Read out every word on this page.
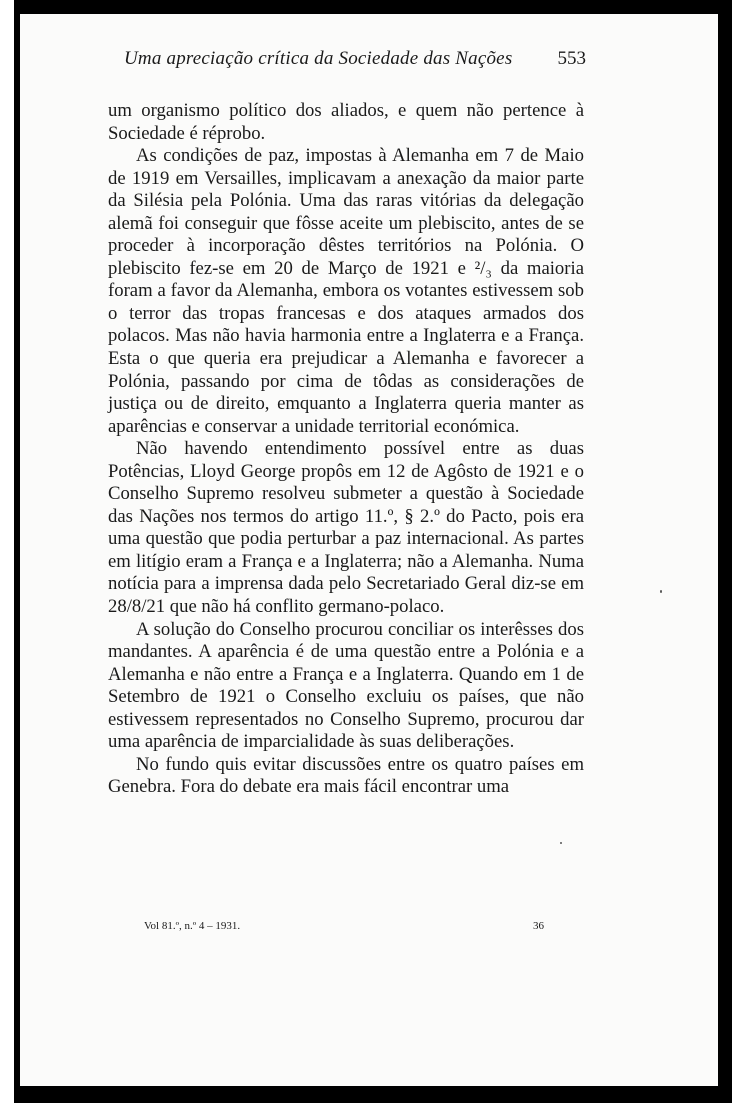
Uma apreciação crítica da Sociedade das Nações 553

um organismo político dos aliados, e quem não pertence à Sociedade é réprobo.

As condições de paz, impostas à Alemanha em 7 de Maio de 1919 em Versailles, implicavam a anexação da maior parte da Silésia pela Polónia. Uma das raras vitórias da delegação alemã foi conseguir que fôsse aceite um plebiscito, antes de se proceder à incorporação dêstes territórios na Polónia. O plebiscito fez-se em 20 de Março de 1921 e ²/₃ da maioria foram a favor da Alemanha, embora os votantes estivessem sob o terror das tropas francesas e dos ataques armados dos polacos. Mas não havia harmonia entre a Inglaterra e a França. Esta o que queria era prejudicar a Alemanha e favorecer a Polónia, passando por cima de tôdas as considerações de justiça ou de direito, emquanto a Inglaterra queria manter as aparências e conservar a unidade territorial económica.

Não havendo entendimento possível entre as duas Potências, Lloyd George propôs em 12 de Agôsto de 1921 e o Conselho Supremo resolveu submeter a questão à Sociedade das Nações nos termos do artigo 11.º, § 2.º do Pacto, pois era uma questão que podia perturbar a paz internacional. As partes em litígio eram a França e a Inglaterra; não a Alemanha. Numa notícia para a imprensa dada pelo Secretariado Geral diz-se em 28/8/21 que não há conflito germano-polaco.

A solução do Conselho procurou conciliar os interêsses dos mandantes. A aparência é de uma questão entre a Polónia e a Alemanha e não entre a França e a Inglaterra. Quando em 1 de Setembro de 1921 o Conselho excluiu os países, que não estivessem representados no Conselho Supremo, procurou dar uma aparência de imparcialidade às suas deliberações.

No fundo quis evitar discussões entre os quatro países em Genebra. Fora do debate era mais fácil encontrar uma

Vol 81.º, n.º 4 – 1931.	36
